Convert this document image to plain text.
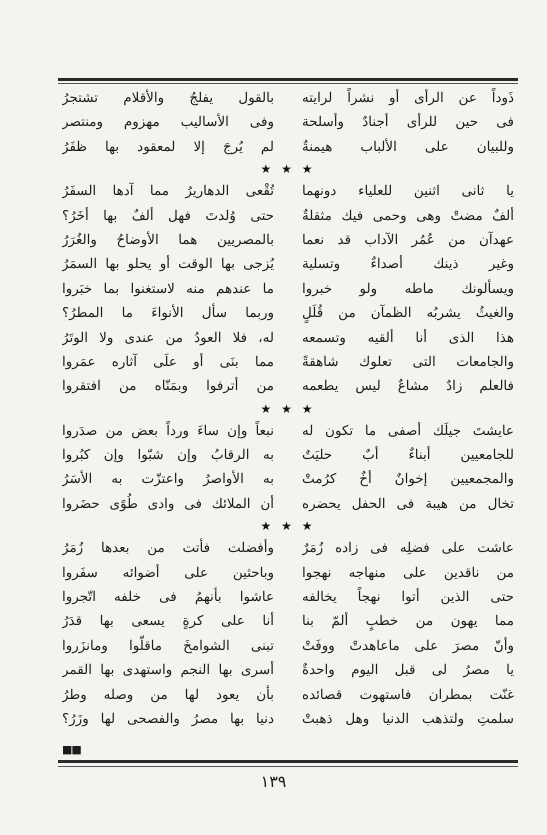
ذَوداً عن الرأى أو نشراً لرايته
بالقول يفلجُ والأقلام تشتجرُ
فى حين للرأى أجنادٌ وأسلحة
وفى الأساليب مهزوم ومنتصر
وللبيان على الألباب هيمنةٌ
لم يُرجَ إلا لمعقود بها ظفَرُ
★ ★ ★
يا ثانى اثنين للعلياء دونهما
تُقْعى الدهاريرُ مما آدها السفَرُ
ألفٌ مضتْ وهى وحمى فيك مثقلةٌ
حتى وُلدتَ فهل ألفٌ بها أخَرُ؟
عهدآن من عُمُر الآداب قد نعما
بالمصريين هما الأوضاحُ والغُرَرُ
وغير ذينك أصداءٌ وتسلية
يُزجى بها الوقت أو يحلو بها السمَرُ
ويسألونك ماطه ولو خبروا
ما عندهم منه لاستغنوا بما خبَروا
والغيثُ يشربُه الظمآن من قُلَلٍ
وربما سأل الأنواءَ ما المطرُ؟
هذا الذى أنا ألقيه وتسمعه
له، فلا العودُ من عندى ولا الوتَرُ
والجامعات التى تعلوك شاهقةً
مما بنَى أو علَى آثاره عمَروا
فالعلم زادٌ مشاعٌ ليس يطعمه
من أترفوا وبمَنّاه من افتقروا
★ ★ ★
عايشتَ جيلَك أصفى ما تكون له
نبعاً وإن ساءَ ورداً بعض من صدَروا
للجامعيين أبناءٌ أبٌ حليَتٌ
به الرقابُ وإن شبّوا وإن كبُروا
والمجمعيين إخوانٌ أخٌ كرُمتْ
به الأواصرُ واعتزّت به الأسَرُ
تخال من هيبة فى الحفل يحضره
أن الملائك فى وادى طُوًى حضَروا
★ ★ ★
عاشت على فضلِه فى زاده زُمَرٌ
وأفضلت فأتت من بعدها زُمَرُ
من ناقدين على منهاجه نهجوا
وباحثين على أضوائه سفَروا
حتى الذين أتوا نهجاً يخالفه
عاشوا بأنهمُ فى خلفه اتّجروا
مما يهون من خطبٍ ألمّ بنا
أنا على كرةٍ يسعى بها قدَرُ
وأنّ مصرَ على ماعاهدتْ ووفَتْ
تبنى الشوامخَ ماقلّوا ومانزَروا
يا مصرُ لى قبل اليوم واحدةٌ
أسرى بها النجم واستهدى بها القمر
غنّت بمطران فاستهوت قصائده
بأن يعود لها من وصله وطرُ
سلمتِ ولتذهب الدنيا وهل ذهبتْ
دنيا بها مصرُ والفصحى لها وزَرُ؟
■■
١٣٩
